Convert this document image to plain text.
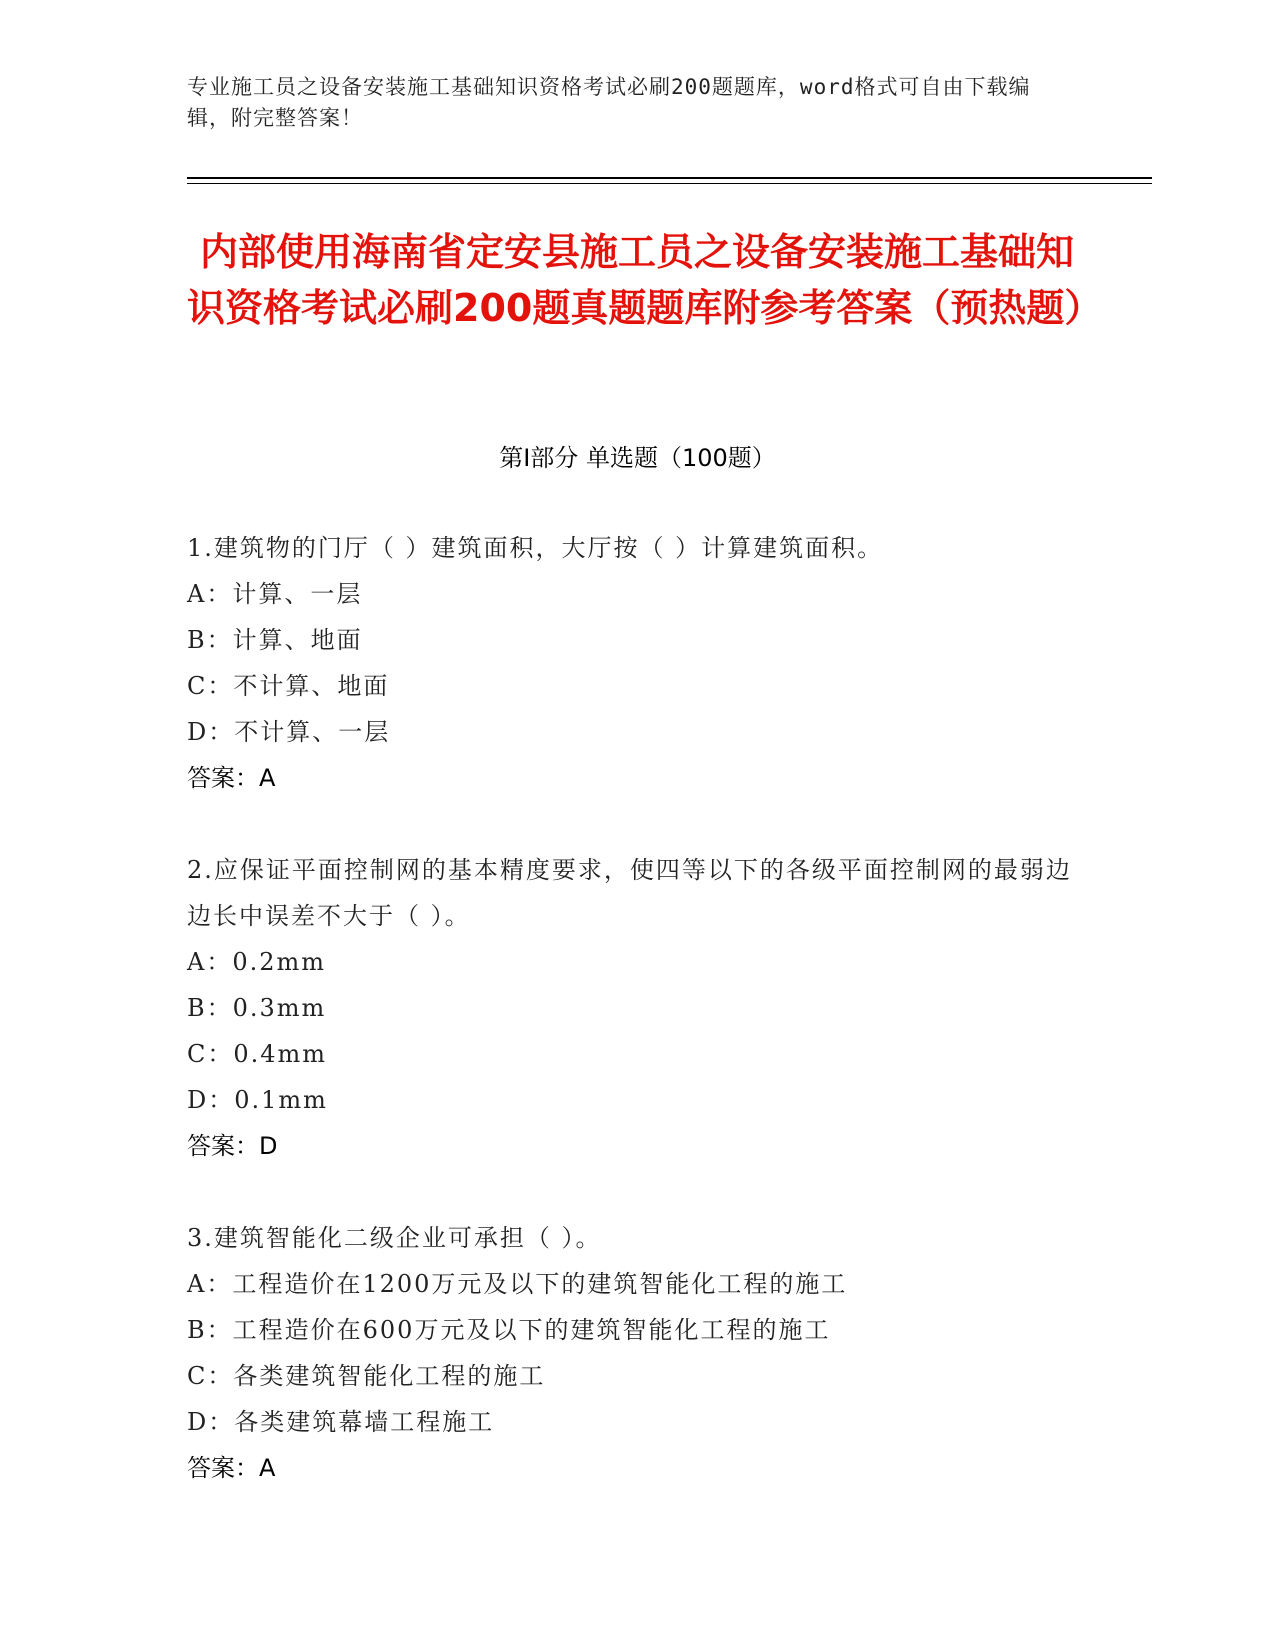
专业施工员之设备安装施工基础知识资格考试必刷200题题库，word格式可自由下载编辑，附完整答案！
内部使用海南省定安县施工员之设备安装施工基础知识资格考试必刷200题真题题库附参考答案（预热题）
第Ⅰ部分 单选题（100题）
1.建筑物的门厅（ ）建筑面积，大厅按（ ）计算建筑面积。
A：计算、一层
B：计算、地面
C：不计算、地面
D：不计算、一层
答案：A
2.应保证平面控制网的基本精度要求，使四等以下的各级平面控制网的最弱边边长中误差不大于（ ）。
A：0.2mm
B：0.3mm
C：0.4mm
D：0.1mm
答案：D
3.建筑智能化二级企业可承担（ ）。
A：工程造价在1200万元及以下的建筑智能化工程的施工
B：工程造价在600万元及以下的建筑智能化工程的施工
C：各类建筑智能化工程的施工
D：各类建筑幕墙工程施工
答案：A
